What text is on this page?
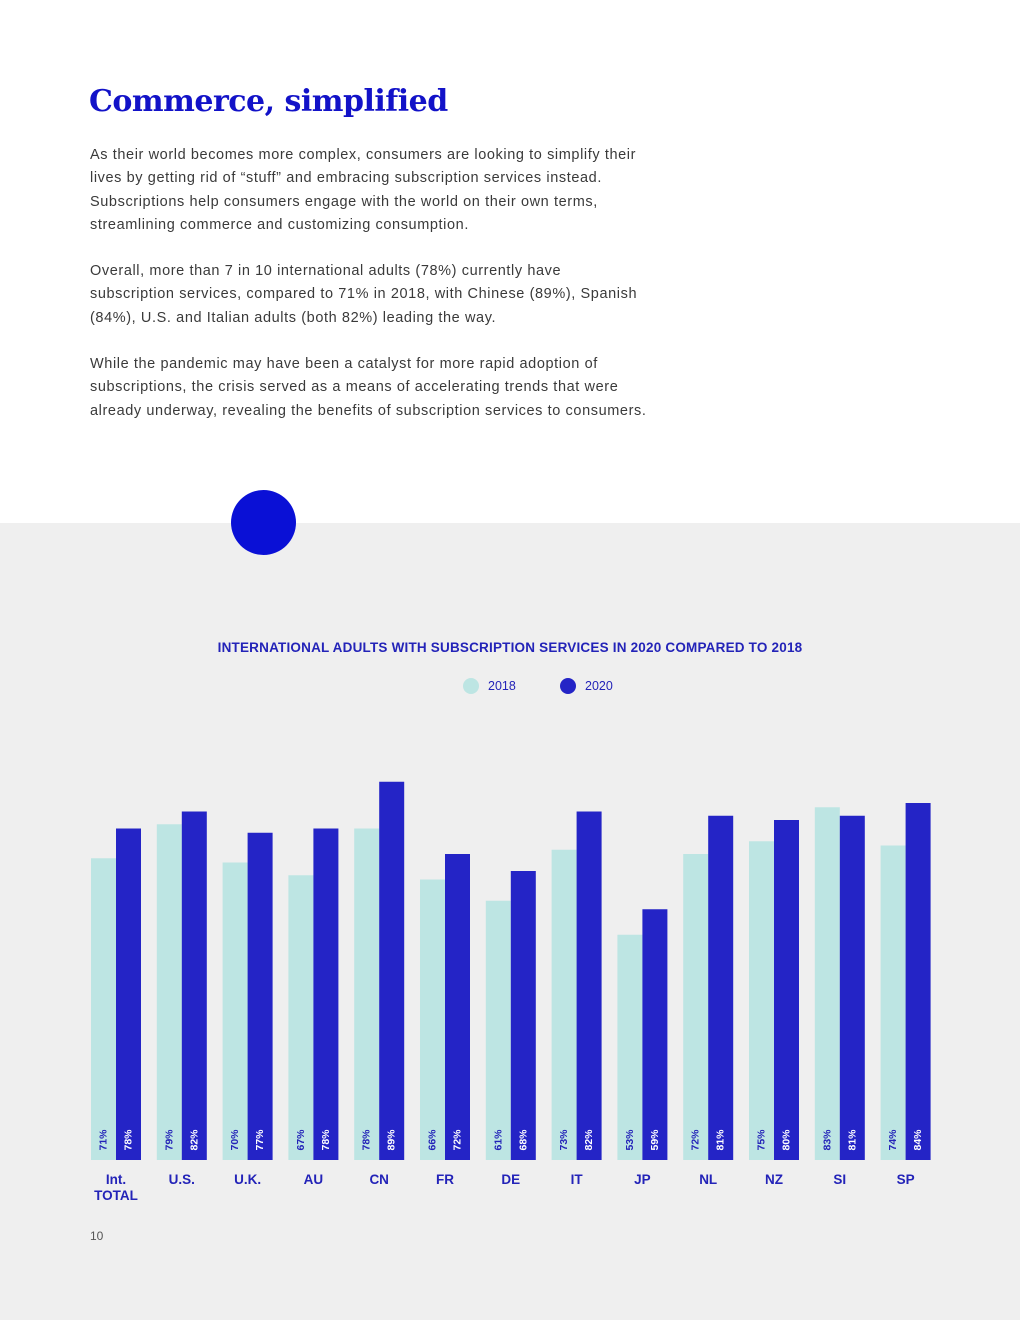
Commerce, simplified

As their world becomes more complex, consumers are looking to simplify their lives by getting rid of “stuff” and embracing subscription services instead. Subscriptions help consumers engage with the world on their own terms, streamlining commerce and customizing consumption.

Overall, more than 7 in 10 international adults (78%) currently have subscription services, compared to 71% in 2018, with Chinese (89%), Spanish (84%), U.S. and Italian adults (both 82%) leading the way.

While the pandemic may have been a catalyst for more rapid adoption of subscriptions, the crisis served as a means of accelerating trends that were already underway, revealing the benefits of subscription services to consumers.

INTERNATIONAL ADULTS WITH SUBSCRIPTION SERVICES IN 2020 COMPARED TO 2018
2018	2020
71% 78%
Int. TOTAL
79% 82%
U.S.
70% 77%
U.K.
67% 78%
AU
78% 89%
CN
66% 72%
FR
61% 68%
DE
73% 82%
IT
53% 59%
JP
72% 81%
NL
75% 80%
NZ
83% 81%
SI
74% 84%
SP
10
